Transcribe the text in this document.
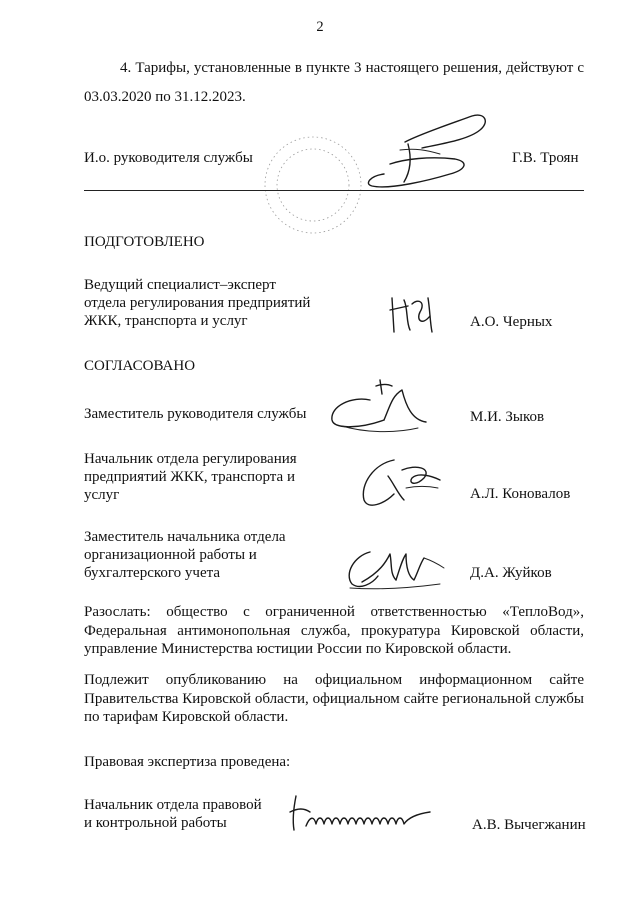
2
4. Тарифы, установленные в пункте 3 настоящего решения, действуют с 03.03.2020 по 31.12.2023.
И.о. руководителя службы	Г.В. Троян
ПОДГОТОВЛЕНО
Ведущий специалист–эксперт
отдела регулирования предприятий
ЖКК, транспорта и услуг	А.О. Черных
СОГЛАСОВАНО
Заместитель руководителя службы	М.И. Зыков
Начальник отдела регулирования
предприятий ЖКК, транспорта и
услуг	А.Л. Коновалов
Заместитель начальника отдела
организационной работы и
бухгалтерского учета	Д.А. Жуйков
Разослать: общество с ограниченной ответственностью «ТеплоВод», Федеральная антимонопольная служба, прокуратура Кировской области, управление Министерства юстиции России по Кировской области.
Подлежит опубликованию на официальном информационном сайте Правительства Кировской области, официальном сайте региональной службы по тарифам Кировской области.
Правовая экспертиза проведена:
Начальник отдела правовой
и контрольной работы	А.В. Вычегжанин
